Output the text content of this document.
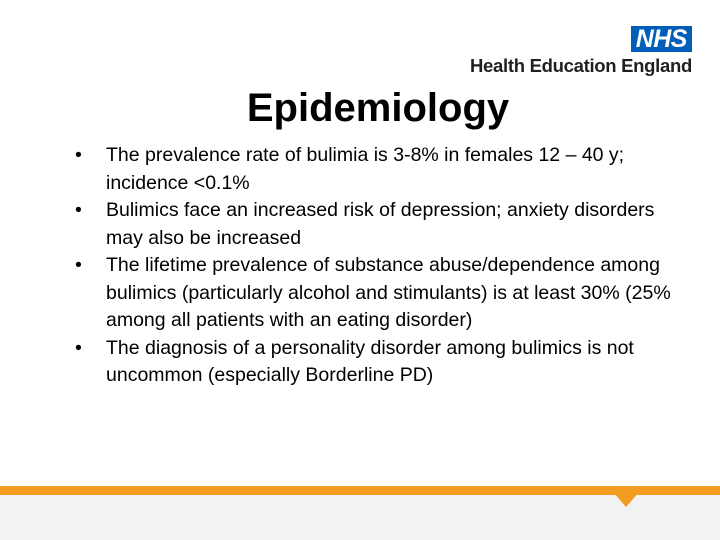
NHS
Health Education England
Epidemiology
•	The prevalence rate of bulimia is 3-8% in females 12 – 40 y; incidence <0.1%
•	Bulimics face an increased risk of depression; anxiety disorders may also be increased
•	The lifetime prevalence of substance abuse/dependence among bulimics (particularly alcohol and stimulants) is at least 30% (25% among all patients with an eating disorder)
•	The diagnosis of a personality disorder among bulimics is not uncommon (especially Borderline PD)
